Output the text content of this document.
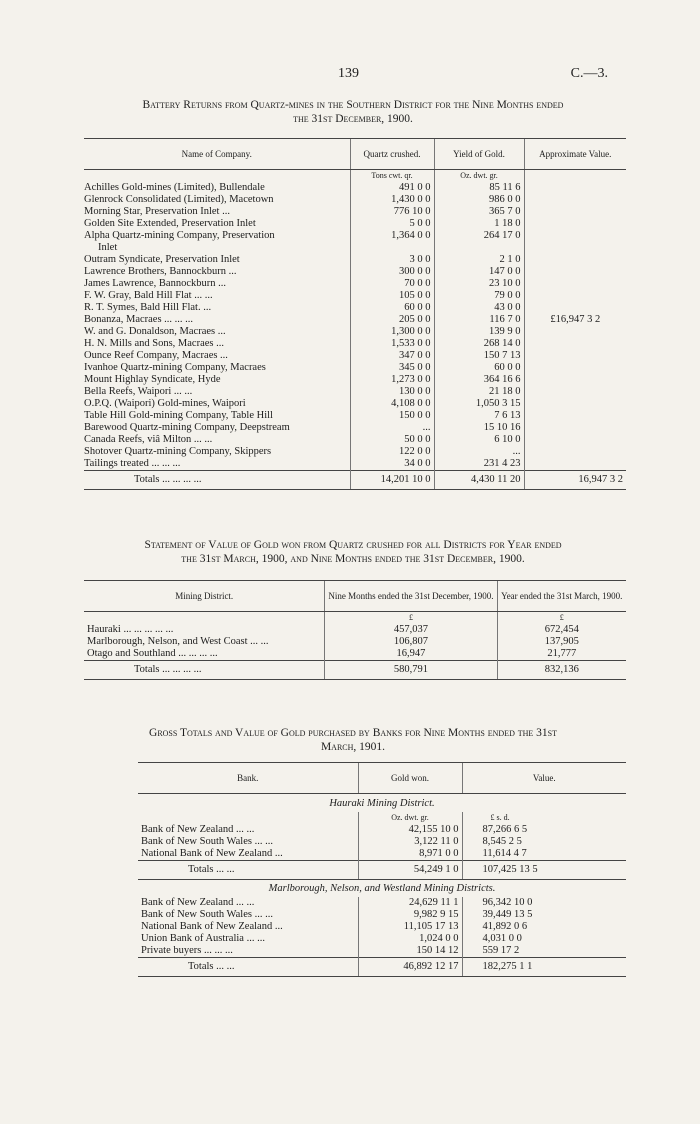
139	C.—3.
Battery Returns from Quartz-mines in the Southern District for the Nine Months ended
the 31st December, 1900.
Name of Company.	Quartz crushed.	Yield of Gold.	Approximate Value.
	Tons cwt. qr.	Oz. dwt. gr.	
Achilles Gold-mines (Limited), Bullendale	491 0 0	85 11 6	
Glenrock Consolidated (Limited), Macetown	1,430 0 0	986 0 0	
Morning Star, Preservation Inlet ...	776 10 0	365 7 0	
Golden Site Extended, Preservation Inlet	5 0 0	1 18 0	
Alpha Quartz-mining Company, Preservation	1,364 0 0	264 17 0	
Inlet			
Outram Syndicate, Preservation Inlet	3 0 0	2 1 0	
Lawrence Brothers, Bannockburn ...	300 0 0	147 0 0	
James Lawrence, Bannockburn ...	70 0 0	23 10 0	
F. W. Gray, Bald Hill Flat ... ...	105 0 0	79 0 0	
R. T. Symes, Bald Hill Flat. ...	60 0 0	43 0 0	
Bonanza, Macraes ... ... ...	205 0 0	116 7 0	£16,947 3 2
W. and G. Donaldson, Macraes ...	1,300 0 0	139 9 0	
H. N. Mills and Sons, Macraes ...	1,533 0 0	268 14 0	
Ounce Reef Company, Macraes ...	347 0 0	150 7 13	
Ivanhoe Quartz-mining Company, Macraes	345 0 0	60 0 0	
Mount Highlay Syndicate, Hyde	1,273 0 0	364 16 6	
Bella Reefs, Waipori ... ...	130 0 0	21 18 0	
O.P.Q. (Waipori) Gold-mines, Waipori	4,108 0 0	1,050 3 15	
Table Hill Gold-mining Company, Table Hill	150 0 0	7 6 13	
Barewood Quartz-mining Company, Deepstream	...	15 10 16	
Canada Reefs, viâ Milton ... ...	50 0 0	6 10 0	
Shotover Quartz-mining Company, Skippers	122 0 0	...	
Tailings treated ... ... ...	34 0 0	231 4 23	
Totals ... ... ... ...	14,201 10 0	4,430 11 20	16,947 3 2
Statement of Value of Gold won from Quartz crushed for all Districts for Year ended
the 31st March, 1900, and Nine Months ended the 31st December, 1900.
Mining District.	Nine Months ended the 31st December, 1900.	Year ended the 31st March, 1900.
	£	£
Hauraki ... ... ... ... ...	457,037	672,454
Marlborough, Nelson, and West Coast ... ...	106,807	137,905
Otago and Southland ... ... ... ...	16,947	21,777
Totals ... ... ... ...	580,791	832,136
Gross Totals and Value of Gold purchased by Banks for Nine Months ended the 31st
March, 1901.
Bank.	Gold won.	Value.
Hauraki Mining District.		
	Oz. dwt. gr.	£ s. d.
Bank of New Zealand ... ...	42,155 10 0	87,266 6 5
Bank of New South Wales ... ...	3,122 11 0	8,545 2 5
National Bank of New Zealand ...	8,971 0 0	11,614 4 7
Totals ... ...	54,249 1 0	107,425 13 5
Marlborough, Nelson, and Westland Mining Districts.		
Bank of New Zealand ... ...	24,629 11 1	96,342 10 0
Bank of New South Wales ... ...	9,982 9 15	39,449 13 5
National Bank of New Zealand ...	11,105 17 13	41,892 0 6
Union Bank of Australia ... ...	1,024 0 0	4,031 0 0
Private buyers ... ... ...	150 14 12	559 17 2
Totals ... ...	46,892 12 17	182,275 1 1
